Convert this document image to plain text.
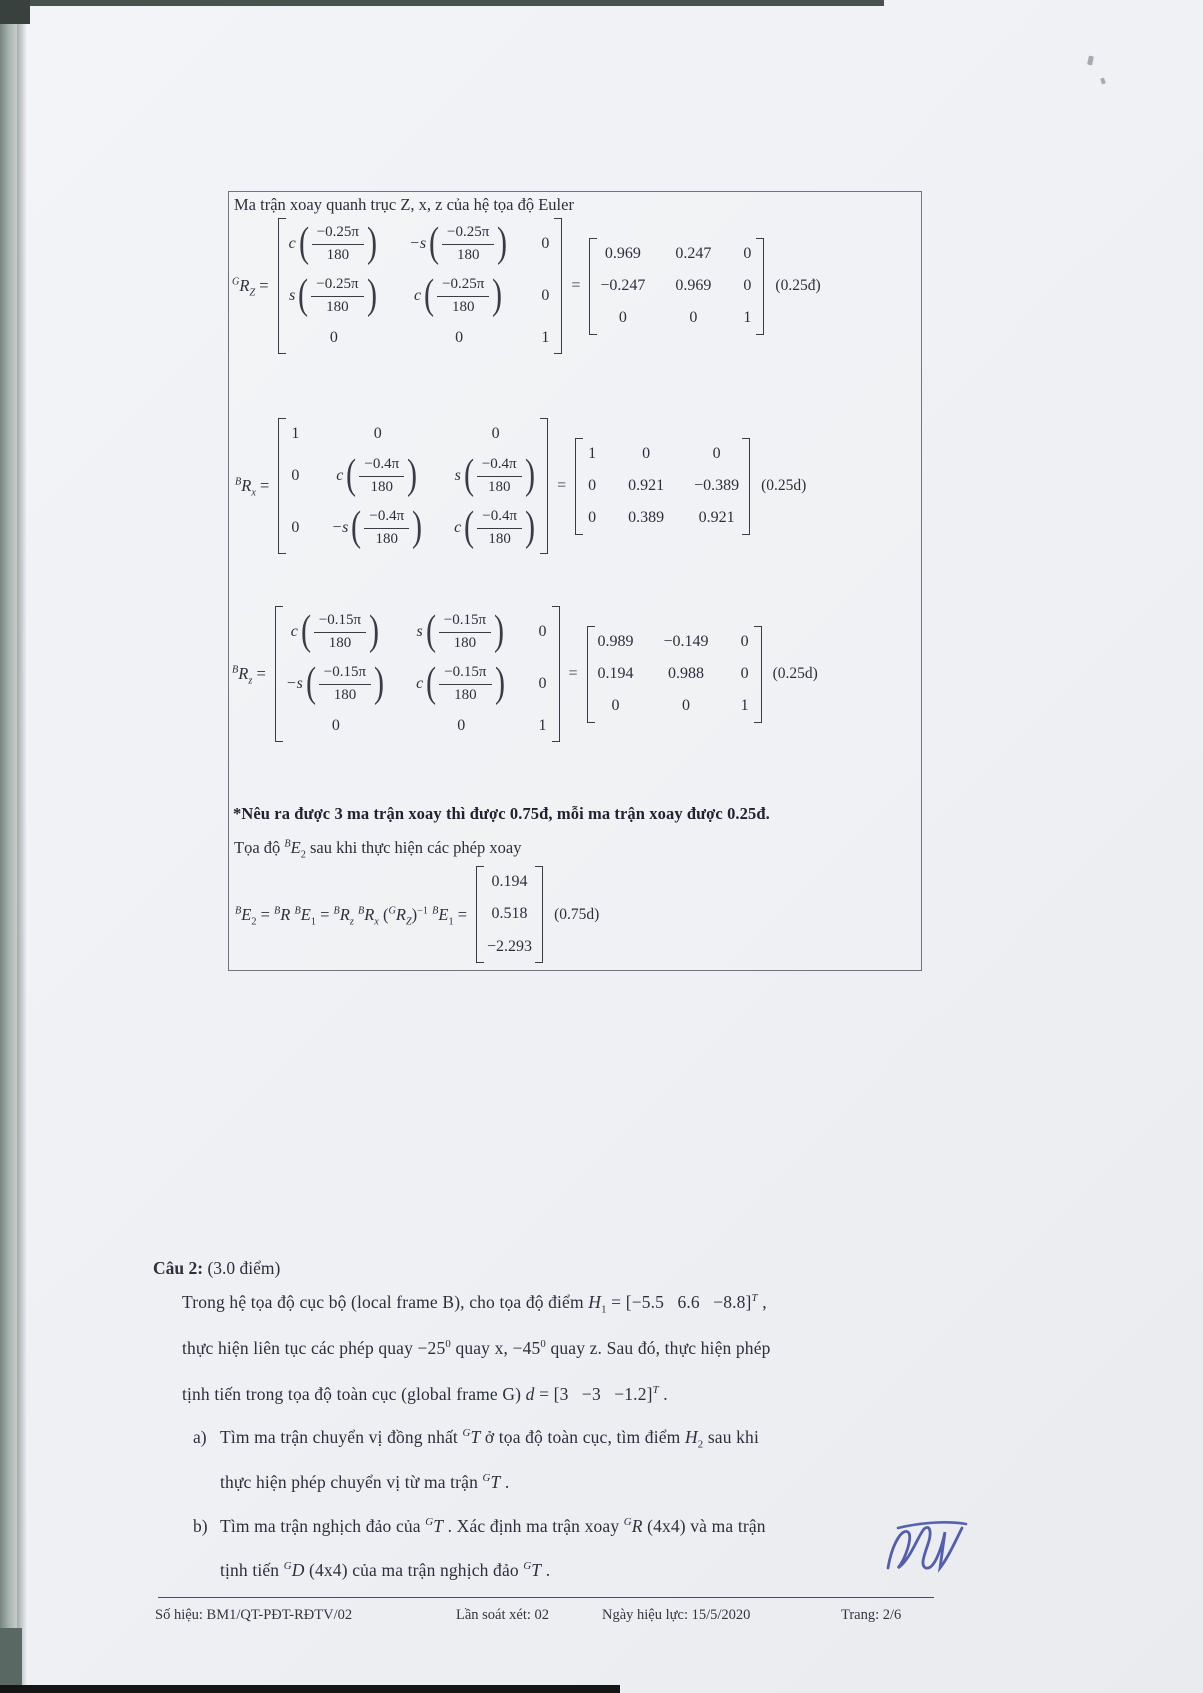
Ma trận xoay quanh trục Z, x, z của hệ tọa độ Euler
$^GR_Z$ =
c ( $\frac{-0.25\pi}{180}$ ) −s ( $\frac{-0.25\pi}{180}$ ) 0
s ( $\frac{-0.25\pi}{180}$ ) c ( $\frac{-0.25\pi}{180}$ ) 0
0	0	1
=
0.969 0.247 0
−0.247 0.969 0
0	0	1
(0.25đ)
$^BR_x$ =
1	0	0
0 c ( $\frac{-0.4\pi}{180}$ ) s ( $\frac{-0.4\pi}{180}$ )
0 −s ( $\frac{-0.4\pi}{180}$ ) c ( $\frac{-0.4\pi}{180}$ )
=
1	0	0
0 0.921 −0.389
0 0.389 0.921
(0.25d)
$^BR_z$ =
c ( $\frac{-0.15\pi}{180}$ ) s ( $\frac{-0.15\pi}{180}$ ) 0
−s ( $\frac{-0.15\pi}{180}$ ) c ( $\frac{-0.15\pi}{180}$ ) 0
0	0	1
=
0.989 −0.149 0
0.194 0.988 0
0	0	1
(0.25d)
*Nêu ra được 3 ma trận xoay thì được 0.75đ, mỗi ma trận xoay được 0.25đ.
Tọa độ $^BE_2$ sau khi thực hiện các phép xoay
$^BE_2 = ^BR$ $^BE_1 = ^BR_z$ $^BR_x$ $(^GR_Z)^{-1}$ $^BE_1$ =
0.194
0.518
−2.293
(0.75d)
Câu 2: (3.0 điểm)
Trong hệ tọa độ cục bộ (local frame B), cho tọa độ điểm $H_1 = [-5.5$  6.6  −8.8]$^T$ ,
thực hiện liên tục các phép quay $-25^0$ quay x, $-45^0$ quay z. Sau đó, thực hiện phép
tịnh tiến trong tọa độ toàn cục (global frame G) d = [3  −3  −1.2]$^T$ .
a) Tìm ma trận chuyển vị đồng nhất $^G$T ở tọa độ toàn cục, tìm điểm $H_2$ sau khi
thực hiện phép chuyển vị từ ma trận $^G$T .
b) Tìm ma trận nghịch đảo của $^G$T . Xác định ma trận xoay $^G$R (4x4) và ma trận
tịnh tiến $^G$D (4x4) của ma trận nghịch đảo $^G$T .
Số hiệu: BM1/QT-PĐT-RĐTV/02	Lần soát xét: 02	Ngày hiệu lực: 15/5/2020	Trang: 2/6
